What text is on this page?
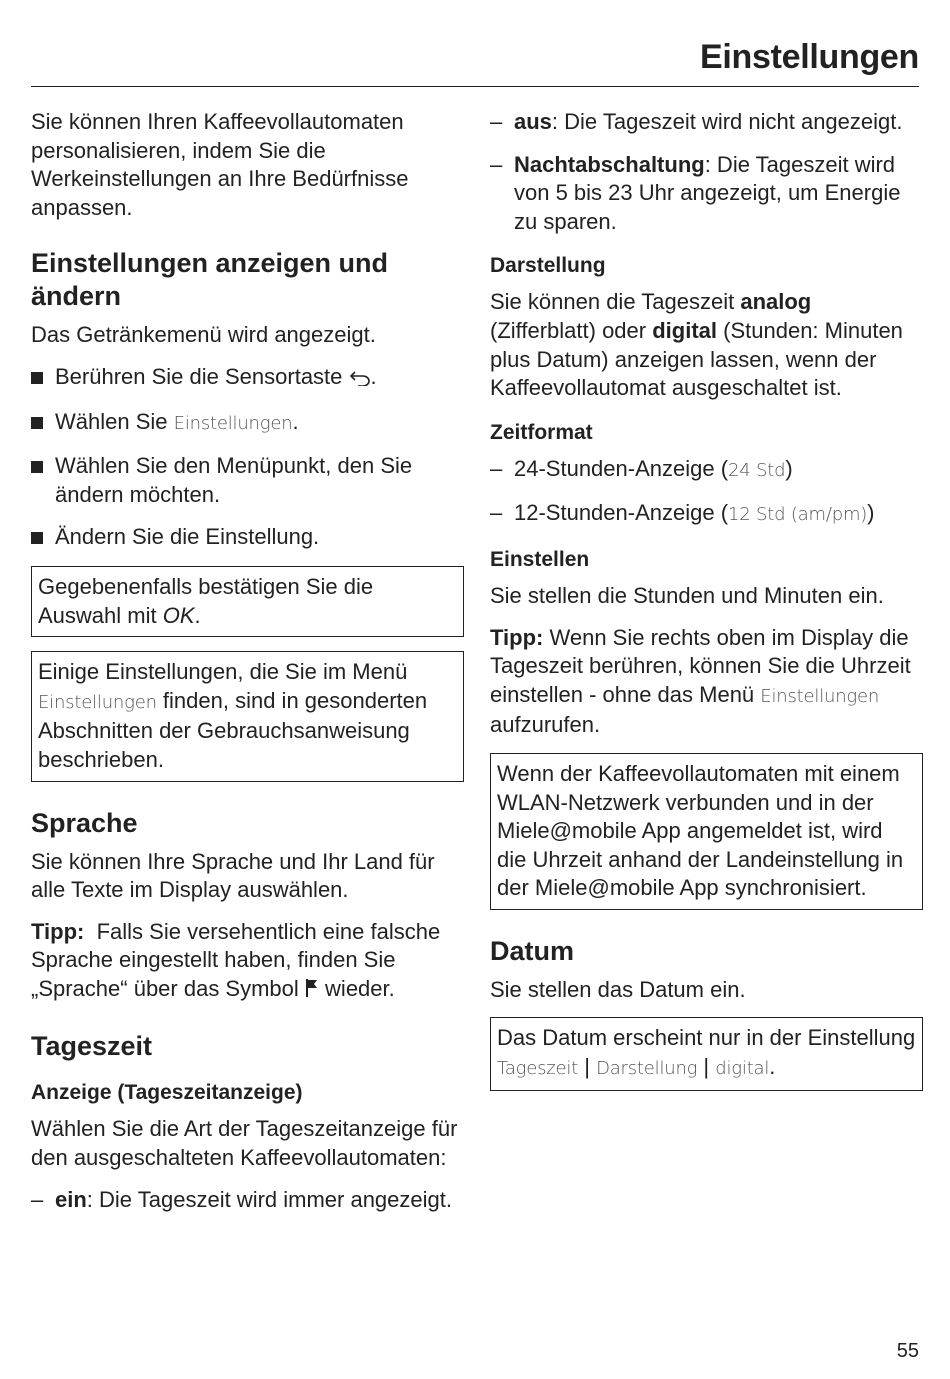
Einstellungen

Sie können Ihren Kaffeevollautomaten personalisieren, indem Sie die Werkeinstellungen an Ihre Bedürfnisse anpassen.

Einstellungen anzeigen und ändern

Das Getränkemenü wird angezeigt.

Berühren Sie die Sensortaste .
Wählen Sie Einstellungen.
Wählen Sie den Menüpunkt, den Sie ändern möchten.
Ändern Sie die Einstellung.
Gegebenenfalls bestätigen Sie die Auswahl mit OK.
Einige Einstellungen, die Sie im Menü Einstellungen finden, sind in gesonderten Abschnitten der Gebrauchsanweisung beschrieben.
Sprache

Sie können Ihre Sprache und Ihr Land für alle Texte im Display auswählen.

Tipp: Falls Sie versehentlich eine falsche Sprache eingestellt haben, finden Sie „Sprache“ über das Symbol wieder.

Tageszeit
Anzeige (Tageszeitanzeige)

Wählen Sie die Art der Tageszeitanzeige für den ausgeschalteten Kaffeevollautomaten:

– ein: Die Tageszeit wird immer angezeigt.
– aus: Die Tageszeit wird nicht angezeigt.
– Nachtabschaltung: Die Tageszeit wird von 5 bis 23 Uhr angezeigt, um Energie zu sparen.
Darstellung

Sie können die Tageszeit analog (Zifferblatt) oder digital (Stunden: Minuten plus Datum) anzeigen lassen, wenn der Kaffeevollautomat ausgeschaltet ist.

Zeitformat
– 24-Stunden-Anzeige (24 Std)
– 12-Stunden-Anzeige (12 Std (am/pm))
Einstellen

Sie stellen die Stunden und Minuten ein.

Tipp: Wenn Sie rechts oben im Display die Tageszeit berühren, können Sie die Uhrzeit einstellen - ohne das Menü Einstellungen aufzurufen.

Wenn der Kaffeevollautomaten mit einem WLAN-Netzwerk verbunden und in der Miele@mobile App angemeldet ist, wird die Uhrzeit anhand der Landeinstellung in der Miele@mobile App synchronisiert.
Datum

Sie stellen das Datum ein.

Das Datum erscheint nur in der Einstellung Tageszeit | Darstellung | digital.
55
